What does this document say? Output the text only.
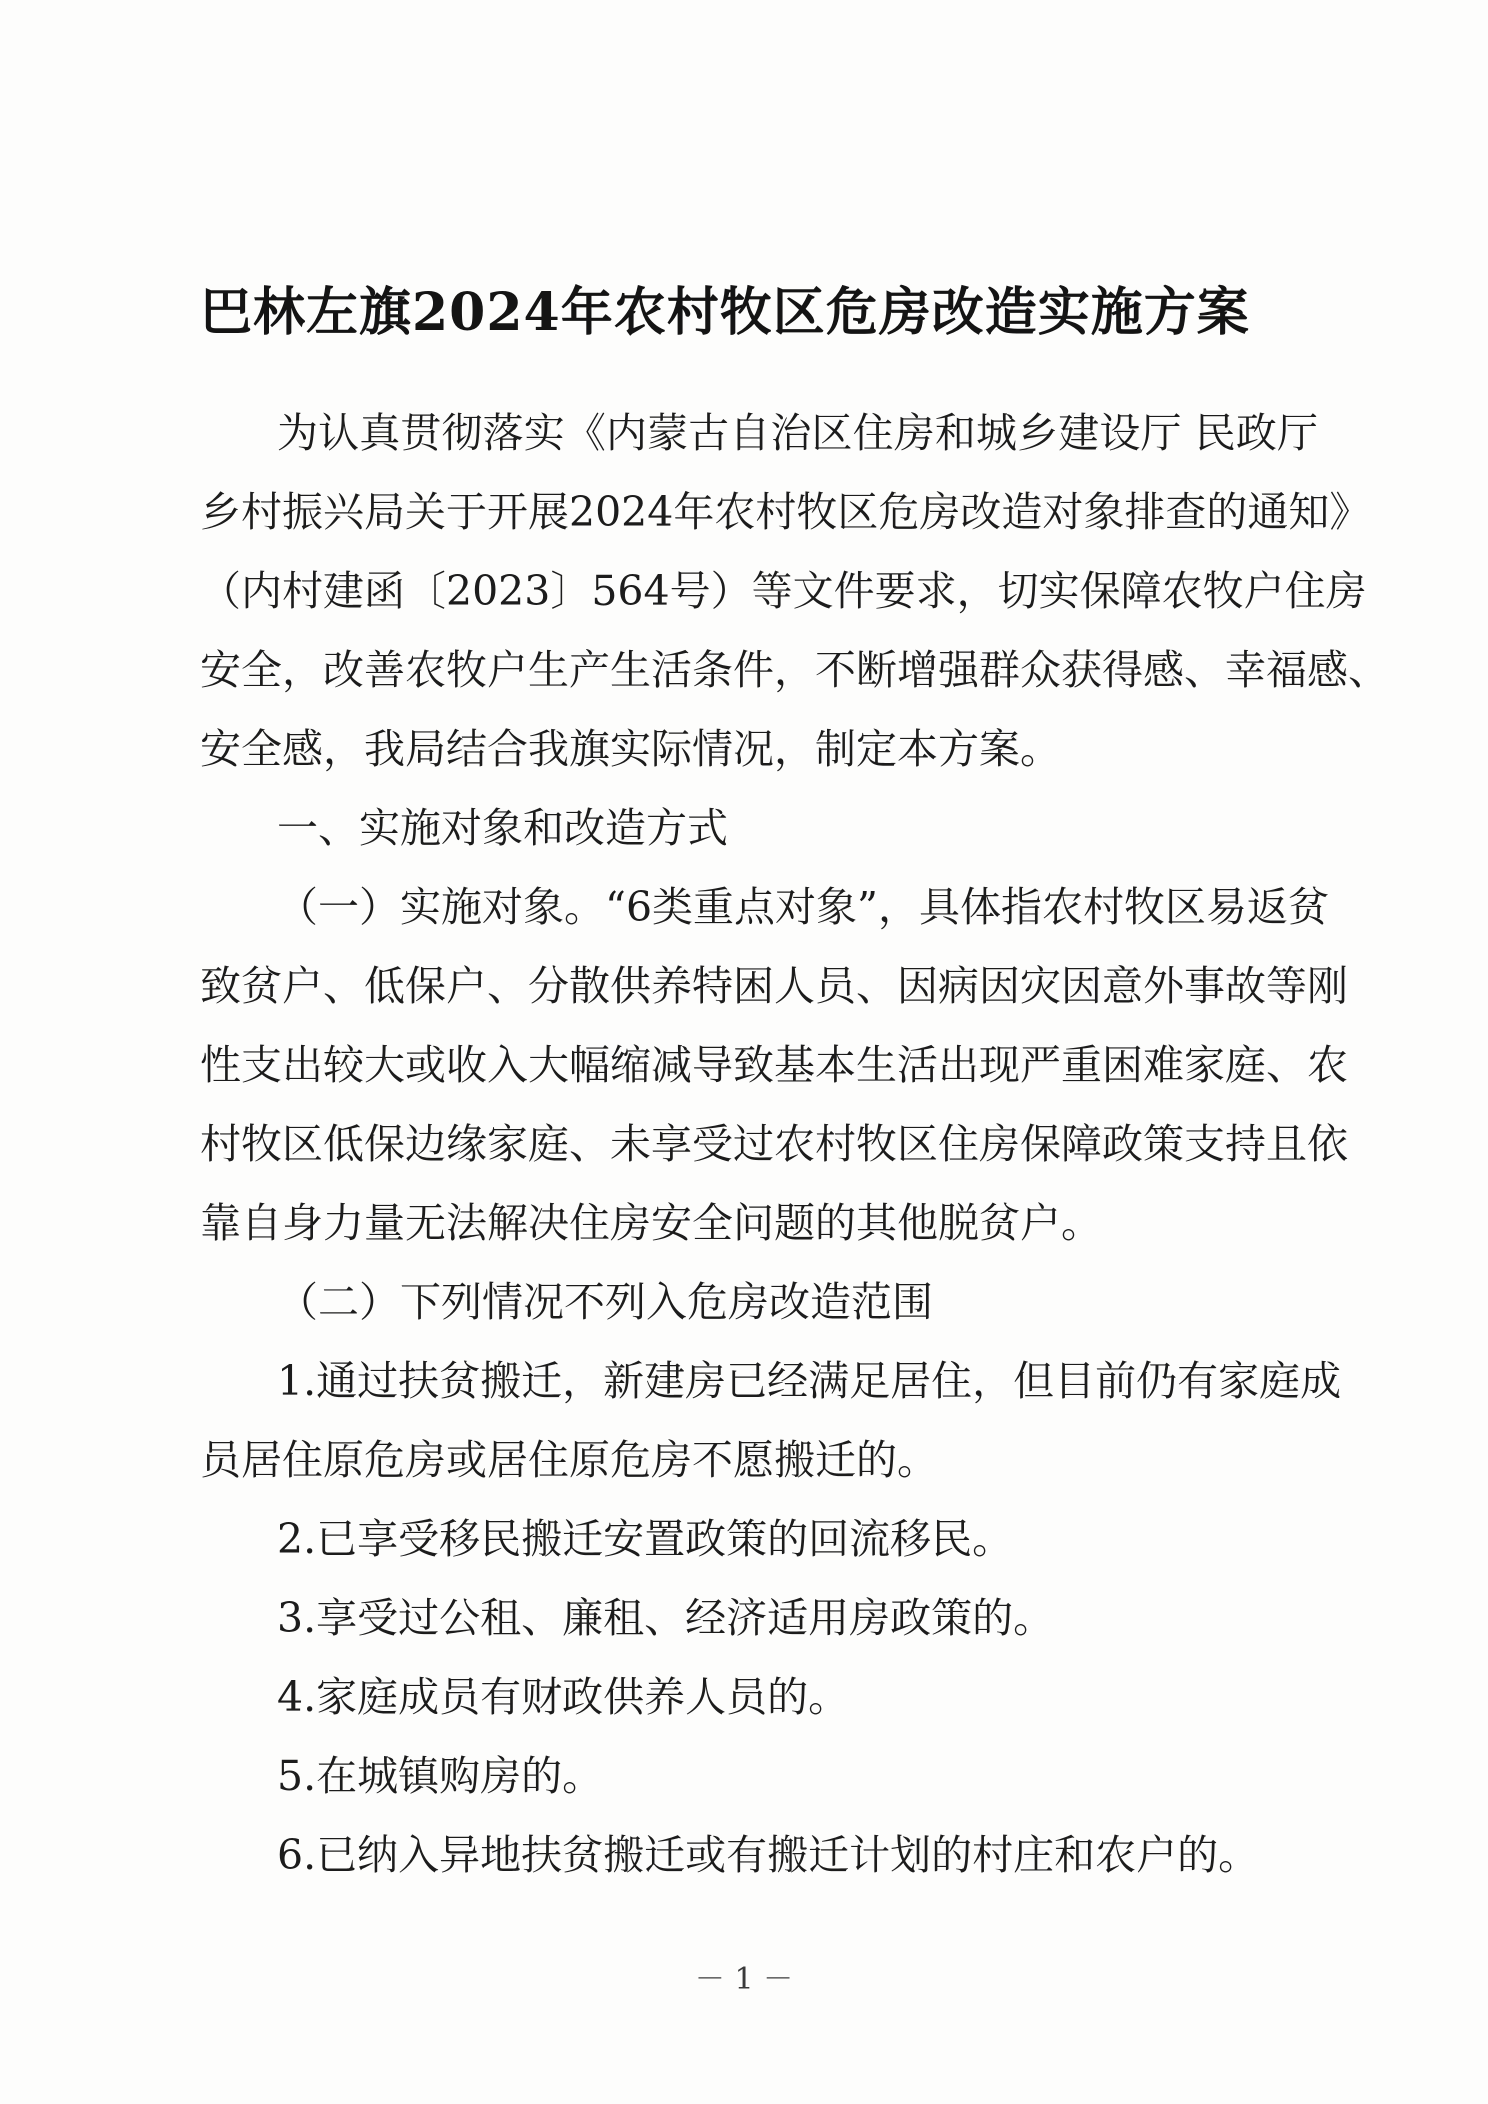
巴林左旗2024年农村牧区危房改造实施方案

为认真贯彻落实《内蒙古自治区住房和城乡建设厅 民政厅

乡村振兴局关于开展2024年农村牧区危房改造对象排查的通知》

（内村建函〔2023〕564号）等文件要求，切实保障农牧户住房

安全，改善农牧户生产生活条件，不断增强群众获得感、幸福感、

安全感，我局结合我旗实际情况，制定本方案。

一、实施对象和改造方式

（一）实施对象。“6类重点对象”，具体指农村牧区易返贫

致贫户、低保户、分散供养特困人员、因病因灾因意外事故等刚

性支出较大或收入大幅缩减导致基本生活出现严重困难家庭、农

村牧区低保边缘家庭、未享受过农村牧区住房保障政策支持且依

靠自身力量无法解决住房安全问题的其他脱贫户。

（二）下列情况不列入危房改造范围

1.通过扶贫搬迁，新建房已经满足居住，但目前仍有家庭成

员居住原危房或居住原危房不愿搬迁的。

2.已享受移民搬迁安置政策的回流移民。

3.享受过公租、廉租、经济适用房政策的。

4.家庭成员有财政供养人员的。

5.在城镇购房的。

6.已纳入异地扶贫搬迁或有搬迁计划的村庄和农户的。

－ 1 －
